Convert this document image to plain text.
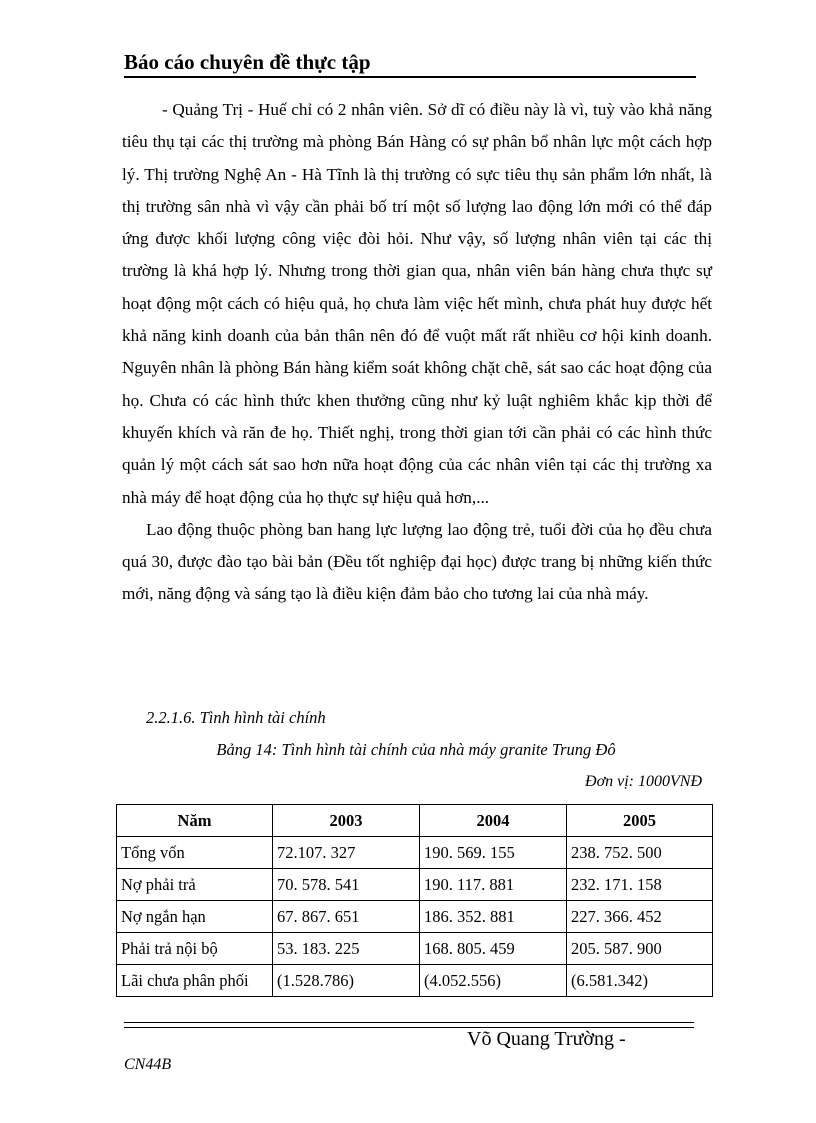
Báo cáo chuyên đề thực tập

- Quảng Trị - Huế chỉ có 2 nhân viên. Sở dĩ có điều này là vì, tuỳ vào khả năng tiêu thụ tại các thị trường mà phòng Bán Hàng có sự phân bổ nhân lực một cách hợp lý. Thị trường Nghệ An - Hà Tĩnh là thị trường có sực tiêu thụ sản phẩm lớn nhất, là thị trường sân nhà vì vậy cần phải bố trí một số lượng lao động lớn mới có thể đáp ứng được khối lượng công việc đòi hỏi. Như vậy, số lượng nhân viên tại các thị trường là khá hợp lý. Nhưng trong thời gian qua, nhân viên bán hàng chưa thực sự hoạt động một cách có hiệu quả, họ chưa làm việc hết mình, chưa phát huy được hết khả năng kinh doanh của bản thân nên đó để vuột mất rất nhiều cơ hội kinh doanh. Nguyên nhân là phòng Bán hàng kiểm soát không chặt chẽ, sát sao các hoạt động của họ. Chưa có các hình thức khen thưởng cũng như kỷ luật nghiêm khắc kịp thời để khuyến khích và răn đe họ. Thiết nghị, trong thời gian tới cần phải có các hình thức quản lý một cách sát sao hơn nữa hoạt động của các nhân viên tại các thị trường xa nhà máy để hoạt động của họ thực sự hiệu quả hơn,...

Lao động thuộc phòng ban hang lực lượng lao động trẻ, tuổi đời của họ đều chưa quá 30, được đào tạo bài bản (Đều tốt nghiệp đại học) được trang bị những kiến thức mới, năng động và sáng tạo là điều kiện đảm bảo cho tương lai của nhà máy.

2.2.1.6. Tình hình tài chính
Bảng 14: Tình hình tài chính của nhà máy granite Trung Đô
Đơn vị: 1000VNĐ
Năm	2003	2004	2005
Tổng vốn	72.107. 327	190. 569. 155	238. 752. 500
Nợ phải trả	70. 578. 541	190. 117. 881	232. 171. 158
Nợ ngắn hạn	67. 867. 651	186. 352. 881	227. 366. 452
Phải trả nội bộ	53. 183. 225	168. 805. 459	205. 587. 900
Lãi chưa phân phối	(1.528.786)	(4.052.556)	(6.581.342)
Võ Quang Trường -
CN44B
